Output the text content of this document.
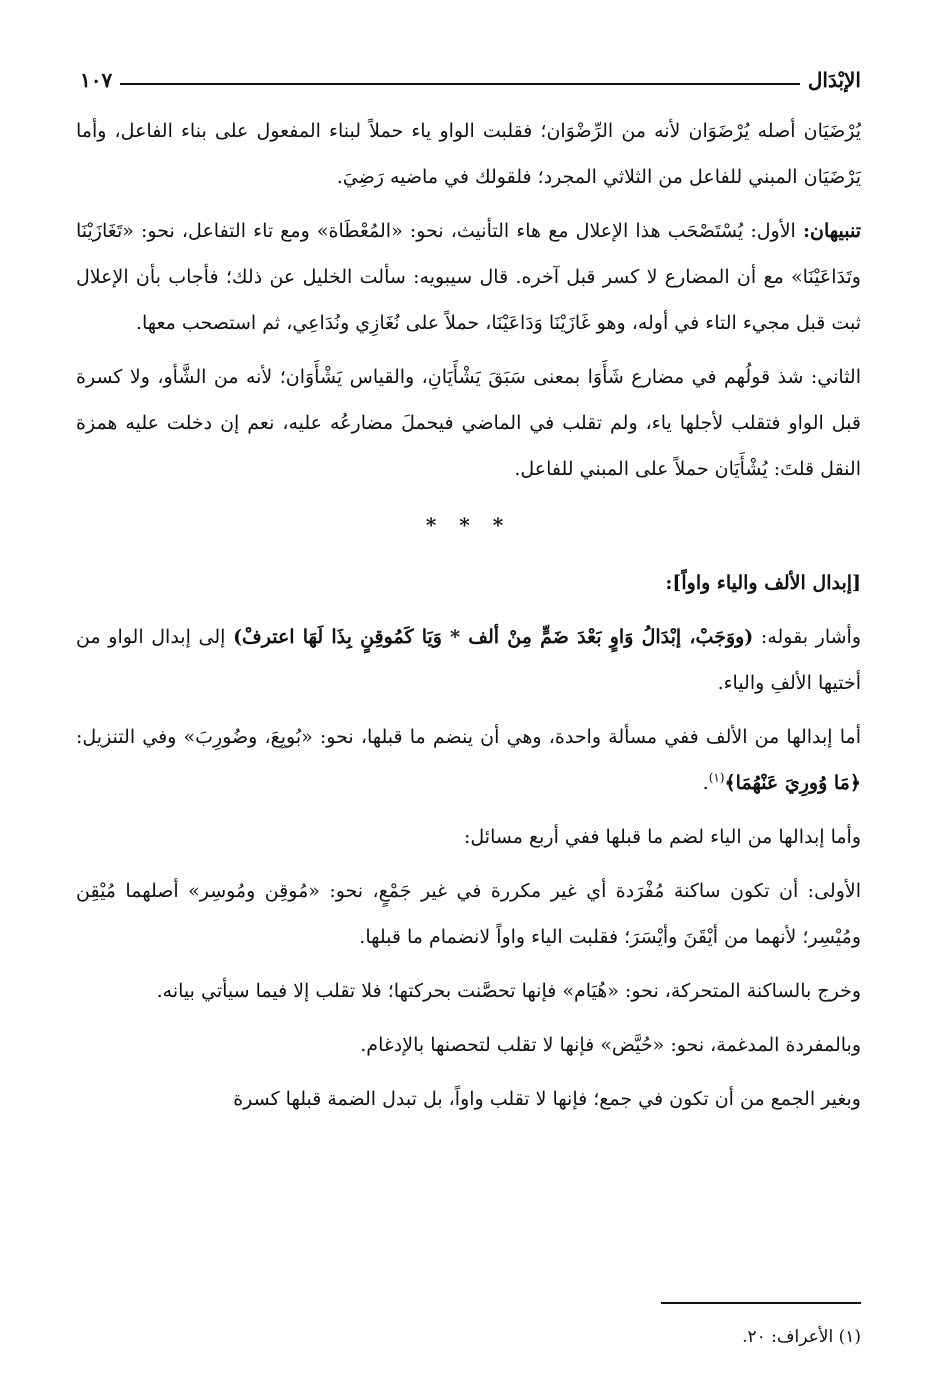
الإبْدَال
١٠٧

يُرْضَيَان أصله يُرْضَوَان لأنه من الرِّضْوَان؛ فقلبت الواو ياء حملاً لبناء المفعول على بناء الفاعل، وأما يَرْضَيَان المبني للفاعل من الثلاثي المجرد؛ فلقولك في ماضيه رَضِيَ.

تنبيهان: الأول: يُسْتَصْحَب هذا الإعلال مع هاء التأنيث، نحو: «المُعْطَاة» ومع تاء التفاعل، نحو: «تَغَازَيْنَا وتَدَاعَيْنَا» مع أن المضارع لا كسر قبل آخره. قال سيبويه: سألت الخليل عن ذلك؛ فأجاب بأن الإعلال ثبت قبل مجيء التاء في أوله، وهو غَازَيْنَا وَدَاعَيْنَا، حملاً على نُغَازِي ونُدَاعِي، ثم استصحب معها.

الثاني: شذ قولُهم في مضارع شَأَوَا بمعنى سَبَقَ يَشْأَيَانِ، والقياس يَشْأَوَان؛ لأنه من الشَّأو، ولا كسرة قبل الواو فتقلب لأجلها ياء، ولم تقلب في الماضي فيحملَ مضارعُه عليه، نعم إن دخلت عليه همزة النقل قلتَ: يُشْأَيَان حملاً على المبني للفاعل.

* * *

[إبدال الألف والياء واواً]:

وأشار بقوله: (ووَجَبْ، إبْدَالُ وَاوٍ بَعْدَ ضَمٍّ مِنْ ألف * وَيَا كَمُوقِنٍ بِذَا لَهَا اعترفْ) إلى إبدال الواو من أختيها الألفِ والياء.

أما إبدالها من الألف ففي مسألة واحدة، وهي أن ينضم ما قبلها، نحو: «بُويِعَ، وضُورِبَ» وفي التنزيل: ﴿مَا وُورِيَ عَنْهُمَا﴾$^{(١)}$.

وأما إبدالها من الياء لضم ما قبلها ففي أربع مسائل:

الأولى: أن تكون ساكنة مُفْرَدة أي غير مكررة في غير جَمْعٍ، نحو: «مُوقِن ومُوسِر» أصلهما مُيْقِن ومُيْسِر؛ لأنهما من أيْقَنَ وأيْسَرَ؛ فقلبت الياء واواً لانضمام ما قبلها.

وخرج بالساكنة المتحركة، نحو: «هُيَام» فإنها تحصَّنت بحركتها؛ فلا تقلب إلا فيما سيأتي بيانه.

وبالمفردة المدغمة، نحو: «حُيَّض» فإنها لا تقلب لتحصنها بالإدغام.

وبغير الجمع من أن تكون في جمع؛ فإنها لا تقلب واواً، بل تبدل الضمة قبلها كسرة

(١) الأعراف: ٢٠.
